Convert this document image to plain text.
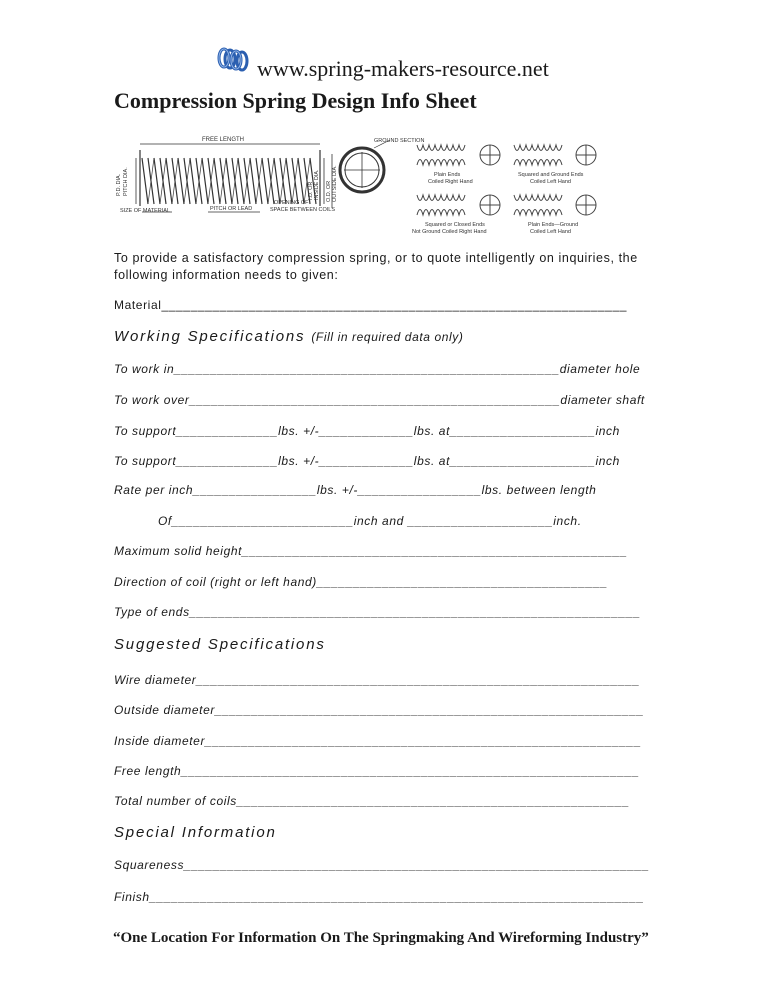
www.spring-makers-resource.net
Compression Spring Design Info Sheet
FREE LENGTH
P.D. DIA. PITCH DIA.	I.D. OR INSIDE DIA. O.D. OR OUTSIDE DIA.
SIZE OF MATERIAL	PITCH OR LEAD
OPENING OF
SPACE BETWEEN COILS
GROUND SECTION
Plain Ends
Coiled Right Hand
Squared and Ground Ends
Coiled Left Hand
Squared or Closed Ends
Not Ground Coiled Right Hand
Plain Ends—Ground
Coiled Left Hand
To provide a satisfactory compression spring, or to quote intelligently on inquiries, the following information needs to given:
Material________________________________________________________________
Working Specifications (Fill in required data only)
To work in_____________________________________________________diameter hole
To work over___________________________________________________diameter shaft
To support______________lbs. +/-_____________lbs. at____________________inch
To support______________lbs. +/-_____________lbs. at____________________inch
Rate per inch_________________lbs. +/-_________________lbs. between length
Of_________________________inch and ____________________inch.
Maximum solid height_____________________________________________________
Direction of coil (right or left hand)________________________________________
Type of ends______________________________________________________________
Suggested Specifications
Wire diameter_____________________________________________________________
Outside diameter___________________________________________________________
Inside diameter____________________________________________________________
Free length_______________________________________________________________
Total number of coils______________________________________________________
Special Information
Squareness________________________________________________________________
Finish____________________________________________________________________
“One Location For Information On The Springmaking And Wireforming Industry”
